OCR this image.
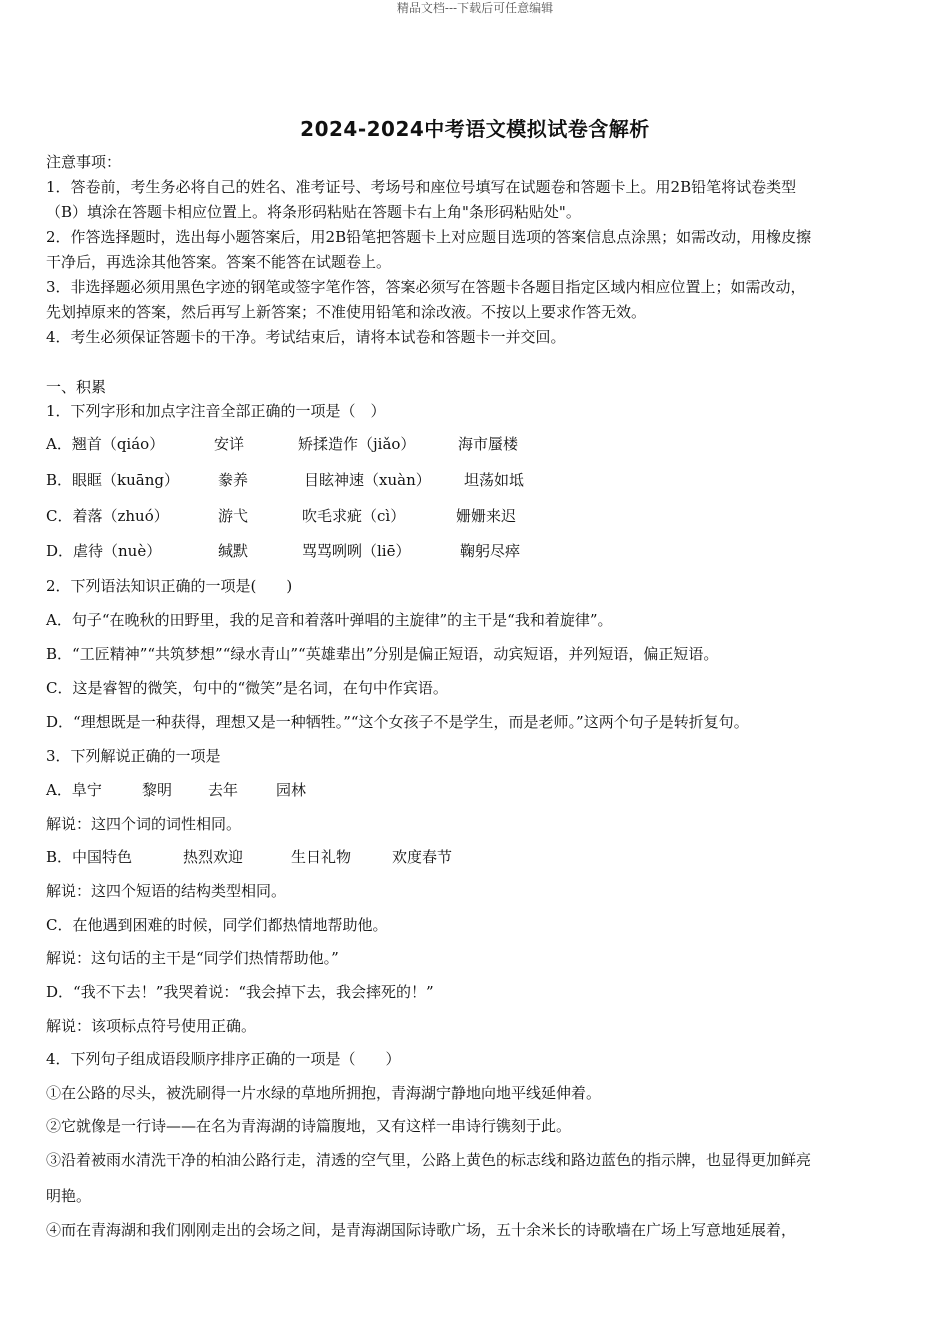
精品文档---下载后可任意编辑
2024-2024中考语文模拟试卷含解析
注意事项：
1．答卷前，考生务必将自己的姓名、准考证号、考场号和座位号填写在试题卷和答题卡上。用2B铅笔将试卷类型
（B）填涂在答题卡相应位置上。将条形码粘贴在答题卡右上角"条形码粘贴处"。
2．作答选择题时，选出每小题答案后，用2B铅笔把答题卡上对应题目选项的答案信息点涂黑；如需改动，用橡皮擦
干净后，再选涂其他答案。答案不能答在试题卷上。
3．非选择题必须用黑色字迹的钢笔或签字笔作答，答案必须写在答题卡各题目指定区域内相应位置上；如需改动，
先划掉原来的答案，然后再写上新答案；不准使用铅笔和涂改液。不按以上要求作答无效。
4．考生必须保证答题卡的干净。考试结束后，请将本试卷和答题卡一并交回。
一、积累
1．下列字形和加点字注音全部正确的一项是（　）
A．翘首（qiáo）	安详	矫揉造作（jiǎo）	海市蜃楼
B．眼眶（kuāng）	豢养	目眩神速（xuàn） 坦荡如坻
C．着落（zhuó）	游弋	吹毛求疵（cì）	姗姗来迟
D．虐待（nuè）	缄默	骂骂咧咧（liē）	鞠躬尽瘁
2．下列语法知识正确的一项是(　　)
A．句子“在晚秋的田野里，我的足音和着落叶弹唱的主旋律”的主干是“我和着旋律”。
B．“工匠精神”“共筑梦想”“绿水青山”“英雄辈出”分别是偏正短语，动宾短语，并列短语，偏正短语。
C．这是睿智的微笑，句中的“微笑”是名词，在句中作宾语。
D．“理想既是一种获得，理想又是一种牺牲。”“这个女孩子不是学生，而是老师。”这两个句子是转折复句。
3．下列解说正确的一项是
A．阜宁	黎明 去年	园林
解说：这四个词的词性相同。
B．中国特色	热烈欢迎	生日礼物	欢度春节
解说：这四个短语的结构类型相同。
C．在他遇到困难的时候，同学们都热情地帮助他。
解说：这句话的主干是“同学们热情帮助他。”
D．“我不下去！”我哭着说：“我会掉下去，我会摔死的！”
解说：该项标点符号使用正确。
4．下列句子组成语段顺序排序正确的一项是（　　）
①在公路的尽头，被洗刷得一片水绿的草地所拥抱，青海湖宁静地向地平线延伸着。
②它就像是一行诗——在名为青海湖的诗篇腹地，又有这样一串诗行镌刻于此。
③沿着被雨水清洗干净的柏油公路行走，清透的空气里，公路上黄色的标志线和路边蓝色的指示牌，也显得更加鲜亮
明艳。
④而在青海湖和我们刚刚走出的会场之间，是青海湖国际诗歌广场，五十余米长的诗歌墙在广场上写意地延展着，
